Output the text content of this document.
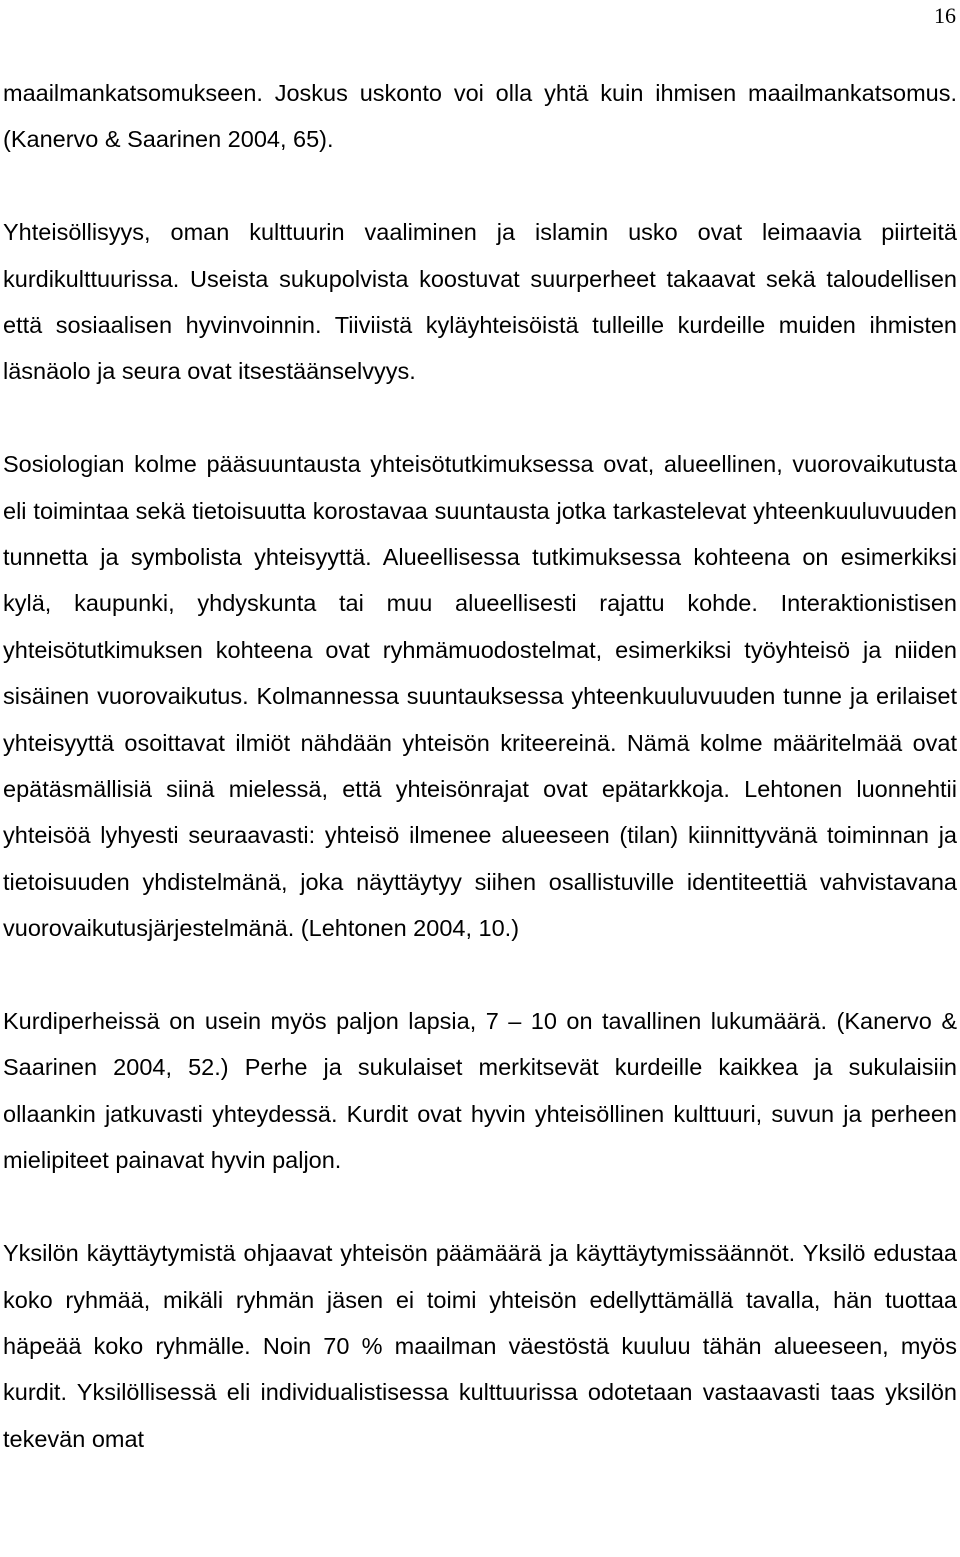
16

maailmankatsomukseen. Joskus uskonto voi olla yhtä kuin ihmisen maailmankatsomus. (Kanervo & Saarinen 2004, 65).

Yhteisöllisyys, oman kulttuurin vaaliminen ja islamin usko ovat leimaavia piirteitä kurdikulttuurissa. Useista sukupolvista koostuvat suurperheet takaavat sekä taloudellisen että sosiaalisen hyvinvoinnin. Tiiviistä kyläyhteisöistä tulleille kurdeille muiden ihmisten läsnäolo ja seura ovat itsestäänselvyys.

Sosiologian kolme pääsuuntausta yhteisötutkimuksessa ovat, alueellinen, vuorovaikutusta eli toimintaa sekä tietoisuutta korostavaa suuntausta jotka tarkastelevat yhteenkuuluvuuden tunnetta ja symbolista yhteisyyttä. Alueellisessa tutkimuksessa kohteena on esimerkiksi kylä, kaupunki, yhdyskunta tai muu alueellisesti rajattu kohde. Interaktionistisen yhteisötutkimuksen kohteena ovat ryhmämuodostelmat, esimerkiksi työyhteisö ja niiden sisäinen vuorovaikutus. Kolmannessa suuntauksessa yhteenkuuluvuuden tunne ja erilaiset yhteisyyttä osoittavat ilmiöt nähdään yhteisön kriteereinä. Nämä kolme määritelmää ovat epätäsmällisiä siinä mielessä, että yhteisönrajat ovat epätarkkoja. Lehtonen luonnehtii yhteisöä lyhyesti seuraavasti: yhteisö ilmenee alueeseen (tilan) kiinnittyvänä toiminnan ja tietoisuuden yhdistelmänä, joka näyttäytyy siihen osallistuville identiteettiä vahvistavana vuorovaikutusjärjestelmänä. (Lehtonen 2004, 10.)

Kurdiperheissä on usein myös paljon lapsia, 7 – 10 on tavallinen lukumäärä. (Kanervo & Saarinen 2004, 52.) Perhe ja sukulaiset merkitsevät kurdeille kaikkea ja sukulaisiin ollaankin jatkuvasti yhteydessä. Kurdit ovat hyvin yhteisöllinen kulttuuri, suvun ja perheen mielipiteet painavat hyvin paljon.

Yksilön käyttäytymistä ohjaavat yhteisön päämäärä ja käyttäytymissäännöt. Yksilö edustaa koko ryhmää, mikäli ryhmän jäsen ei toimi yhteisön edellyttämällä tavalla, hän tuottaa häpeää koko ryhmälle. Noin 70 % maailman väestöstä kuuluu tähän alueeseen, myös kurdit. Yksilöllisessä eli individualistisessa kulttuurissa odotetaan vastaavasti taas yksilön tekevän omat
